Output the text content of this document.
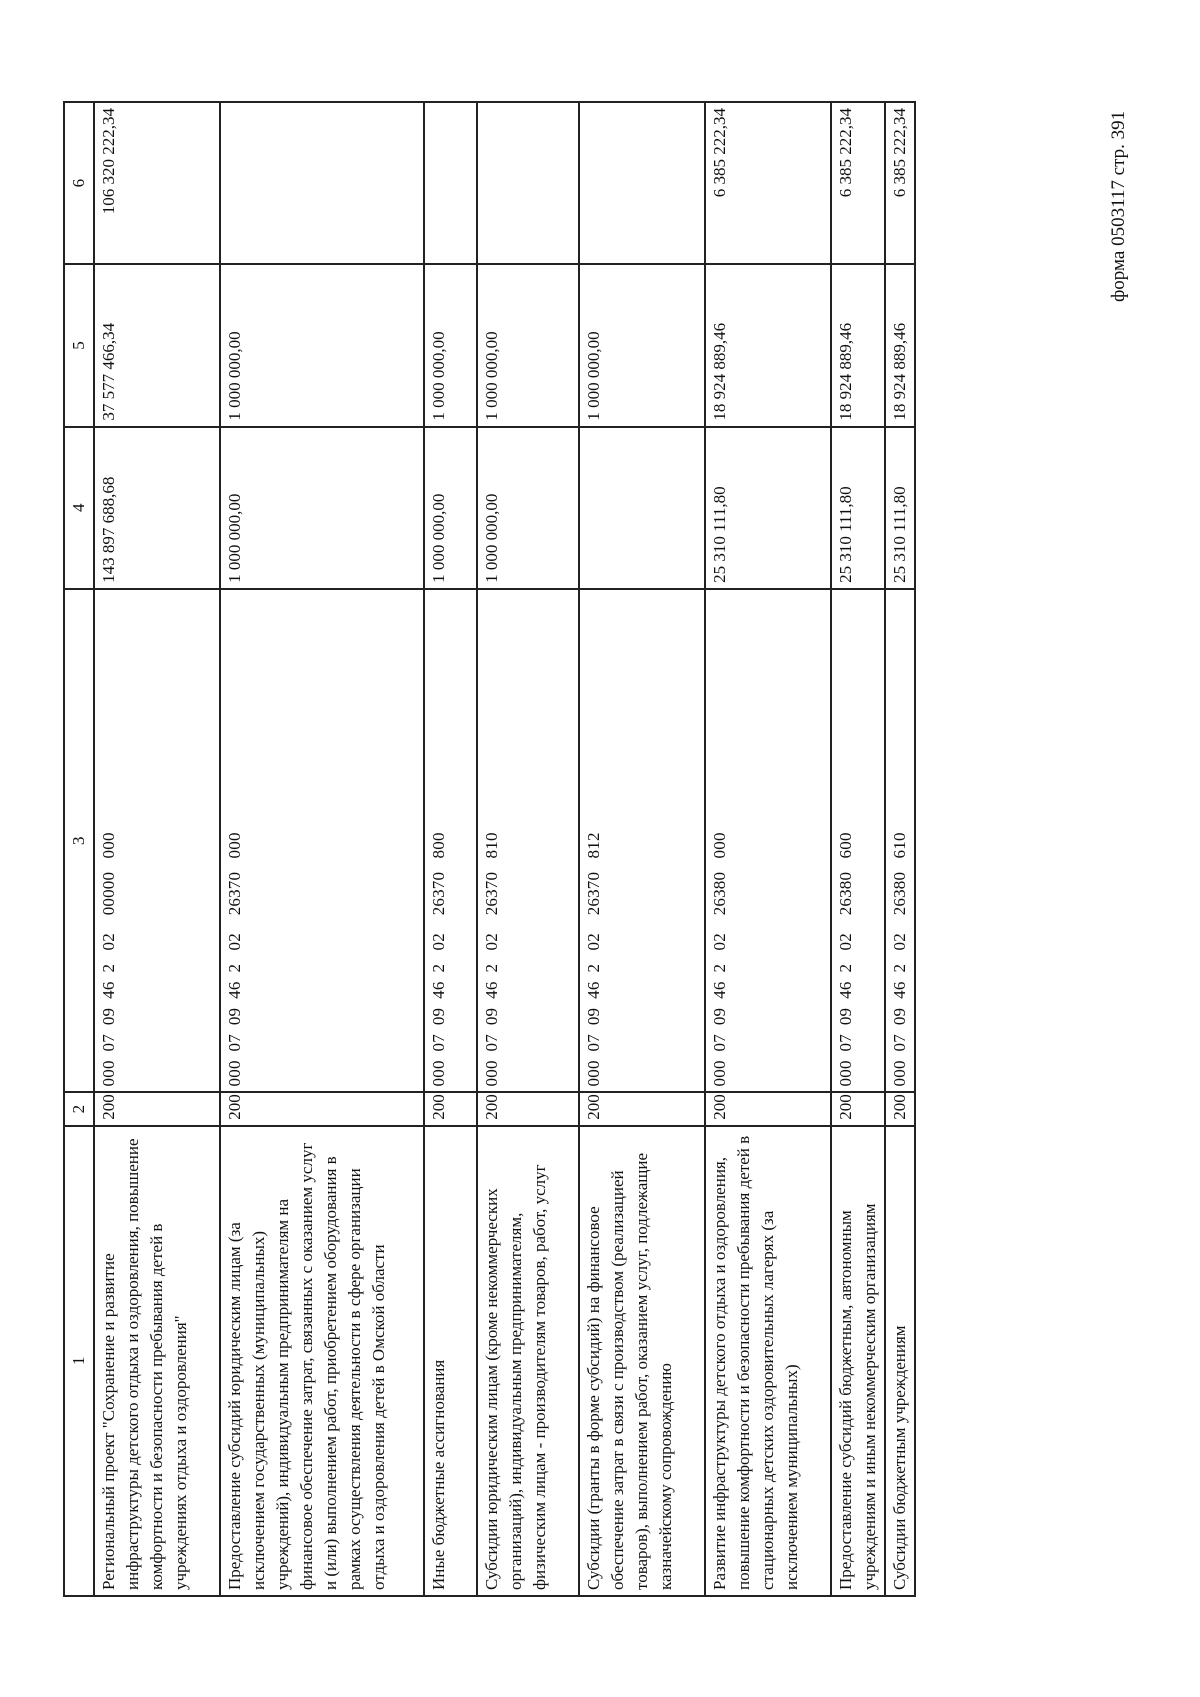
форма 0503117 стр. 391
1	2	3	4	5	6
Региональный проект "Сохранение и развитие инфраструктуры детского отдыха и оздоровления, повышение комфортности и безопасности пребывания детей в учреждениях отдыха и оздоровления"	200	000  07  09  46  2   02    00000   000	143 897 688,68	37 577 466,34	106 320 222,34
Предоставление субсидий юридическим лицам (за исключением государственных (муниципальных) учреждений), индивидуальным предпринимателям на финансовое обеспечение затрат, связанных с оказанием услуг и (или) выполнением работ, приобретением оборудования в рамках осуществления деятельности в сфере организации отдыха и оздоровления детей в Омской области	200	000  07  09  46  2   02    26370   000	1 000 000,00	1 000 000,00	
Иные бюджетные ассигнования	200	000  07  09  46  2   02    26370   800	1 000 000,00	1 000 000,00	
Субсидии юридическим лицам (кроме некоммерческих организаций), индивидуальным предпринимателям, физическим лицам - производителям товаров, работ, услуг	200	000  07  09  46  2   02    26370   810	1 000 000,00	1 000 000,00	
Субсидии (гранты в форме субсидий) на финансовое обеспечение затрат в связи с производством (реализацией товаров), выполнением работ, оказанием услуг, подлежащие казначейскому сопровождению	200	000  07  09  46  2   02    26370   812		1 000 000,00	
Развитие инфраструктуры детского отдыха и оздоровления, повышение комфортности и безопасности пребывания детей в стационарных детских оздоровительных лагерях (за исключением муниципальных)	200	000  07  09  46  2   02    26380   000	25 310 111,80	18 924 889,46	6 385 222,34
Предоставление субсидий бюджетным, автономным учреждениям и иным некоммерческим организациям	200	000  07  09  46  2   02    26380   600	25 310 111,80	18 924 889,46	6 385 222,34
Субсидии бюджетным учреждениям	200	000  07  09  46  2   02    26380   610	25 310 111,80	18 924 889,46	6 385 222,34
